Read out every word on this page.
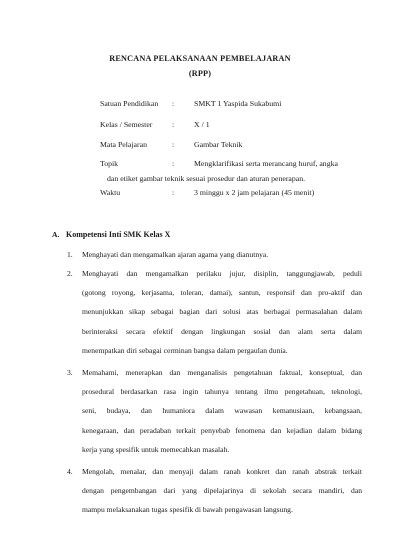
RENCANA PELAKSANAAN PEMBELAJARAN
(RPP)
Satuan Pendidikan :	SMKT 1 Yaspida Sukabumi
Kelas / Semester	:	X / 1
Mata Pelajaran	:	Gambar Teknik
Topik	:	Mengklarifikasi serta merancang huruf, angka
dan etiket gambar teknik sesuai prosedur dan aturan penerapan.
Waktu	:	3 minggu x 2 jam pelajaran (45 menit)
A. Kompetensi Inti SMK Kelas X
1. Menghayati dan mengamalkan ajaran agama yang dianutnya.
2. Menghayati dan mengamalkan perilaku jujur, disiplin, tanggungjawab, peduli
(gotong royong, kerjasama, toleran, damai), santun, responsif dan pro-aktif dan
menunjukkan sikap sebagai bagian dari solusi atas berbagai permasalahan dalam
berinteraksi secara efektif dengan lingkungan sosial dan alam serta dalam
menempatkan diri sebagai cerminan bangsa dalam pergaulan dunia.
3. Memahami, menerapkan dan menganalisis pengetahuan faktual, konseptual, dan
prosedural berdasarkan rasa ingin tahunya tentang ilmu pengetahuan, teknologi,
seni, budaya, dan humaniora dalam wawasan kemanusiaan, kebangsaan,
kenegaraan, dan peradaban terkait penyebab fenomena dan kejadian dalam bidang
kerja yang spesifik untuk memecahkan masalah.
4. Mengolah, menalar, dan menyaji dalam ranah konkret dan ranah abstrak terkait
dengan pengembangan dari yang dipelajarinya di sekolah secara mandiri, dan
mampu melaksanakan tugas spesifik di bawah pengawasan langsung.
